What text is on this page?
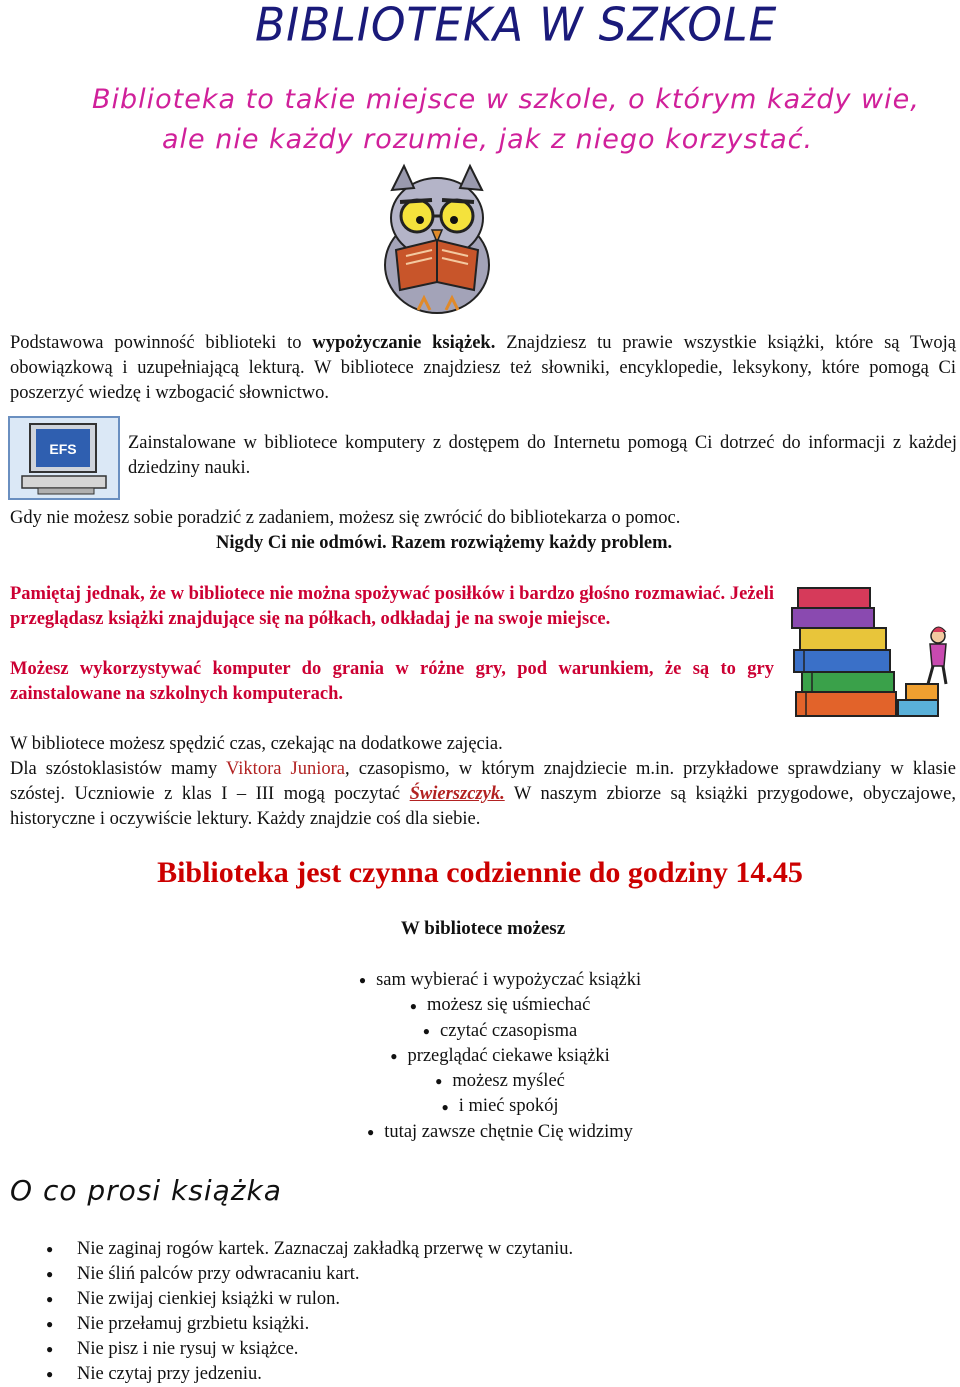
BIBLIOTEKA W SZKOLE
Biblioteka to takie miejsce w szkole, o którym każdy wie,
ale nie każdy rozumie, jak z niego korzystać.
Podstawowa powinność biblioteki to wypożyczanie książek. Znajdziesz tu prawie wszystkie książki, które są Twoją obowiązkową i uzupełniającą lekturą. W bibliotece znajdziesz też słowniki, encyklopedie, leksykony, które pomogą Ci poszerzyć wiedzę i wzbogacić słownictwo.
EFS	Zainstalowane w bibliotece komputery z dostępem do Internetu pomogą Ci dotrzeć do informacji z każdej dziedziny nauki.
Gdy nie możesz sobie poradzić z zadaniem, możesz się zwrócić do bibliotekarza o pomoc.
Nigdy Ci nie odmówi. Razem rozwiążemy każdy problem.
Pamiętaj jednak, że w bibliotece nie można spożywać posiłków i bardzo głośno rozmawiać. Jeżeli przeglądasz książki znajdujące się na półkach, odkładaj je na swoje miejsce.
Możesz wykorzystywać komputer do grania w różne gry, pod warunkiem, że są to gry zainstalowane na szkolnych komputerach.
W bibliotece możesz spędzić czas, czekając na dodatkowe zajęcia.
Dla szóstoklasistów mamy Viktora Juniora, czasopismo, w którym znajdziecie m.in. przykładowe sprawdziany w klasie szóstej. Uczniowie z klas I – III mogą poczytać Świerszczyk. W naszym zbiorze są książki przygodowe, obyczajowe, historyczne i oczywiście lektury. Każdy znajdzie coś dla siebie.
Biblioteka jest czynna codziennie do godziny 14.45
W bibliotece możesz
● sam wybierać i wypożyczać książki
● możesz się uśmiechać
● czytać czasopisma
● przeglądać ciekawe książki
● możesz myśleć
● i mieć spokój
● tutaj zawsze chętnie Cię widzimy
O co prosi książka
● Nie zaginaj rogów kartek. Zaznaczaj zakładką przerwę w czytaniu.
● Nie śliń palców przy odwracaniu kart.
● Nie zwijaj cienkiej książki w rulon.
● Nie przełamuj grzbietu książki.
● Nie pisz i nie rysuj w książce.
● Nie czytaj przy jedzeniu.
